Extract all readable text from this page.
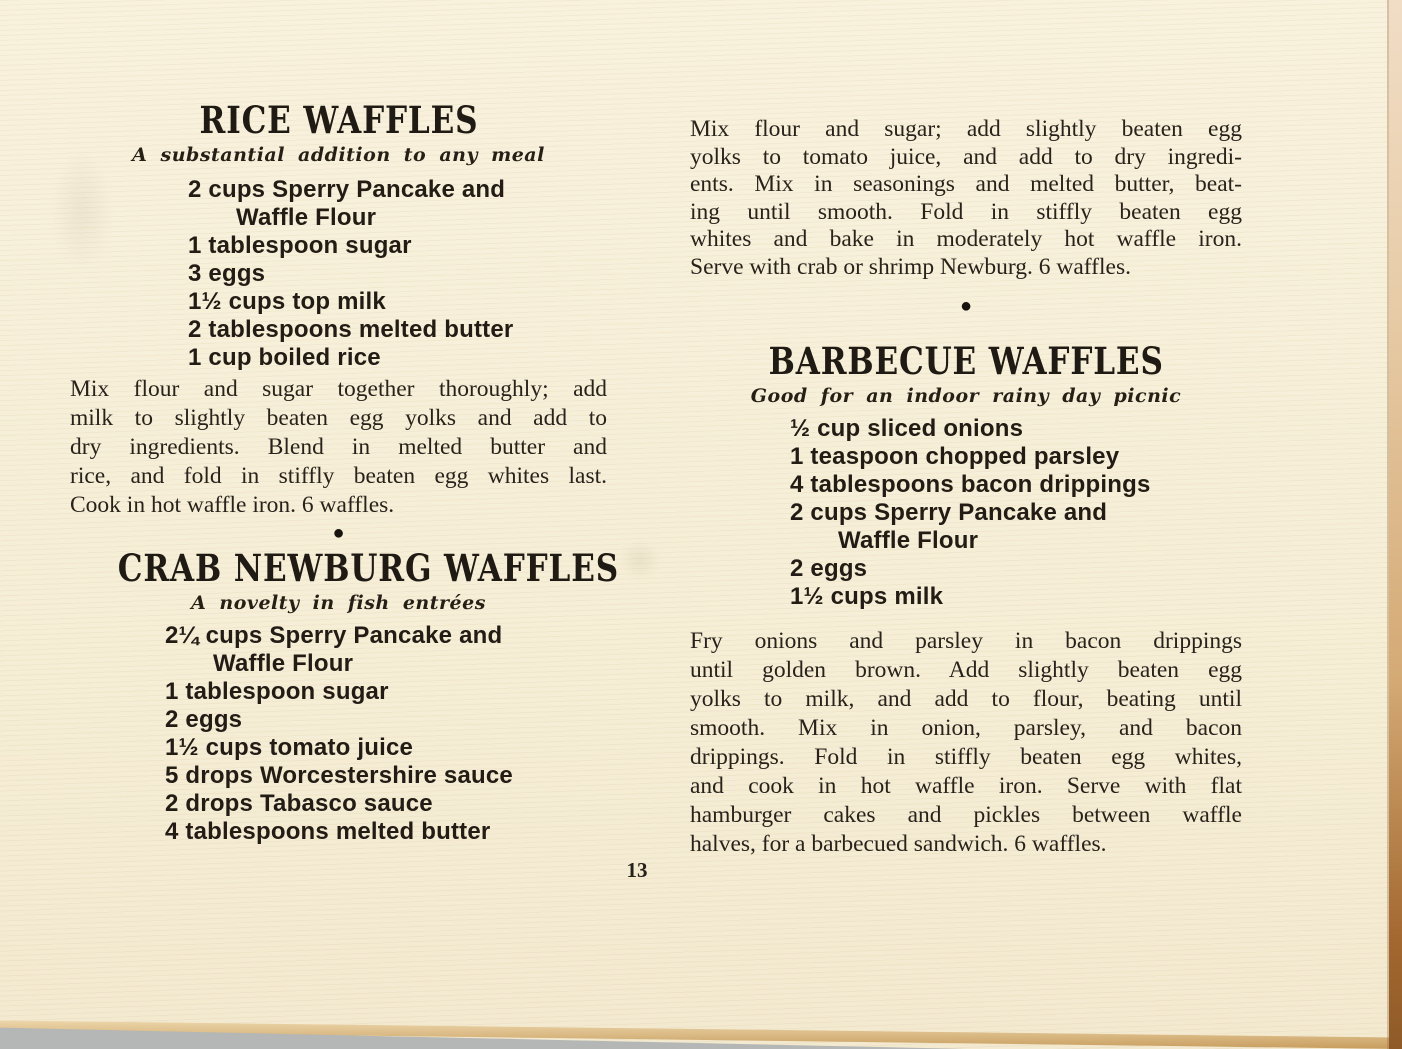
RICE WAFFLES
A substantial addition to any meal
2 cups Sperry Pancake and
Waffle Flour
1 tablespoon sugar
3 eggs
1½ cups top milk
2 tablespoons melted butter
1 cup boiled rice
Mix flour and sugar together thoroughly; add
milk to slightly beaten egg yolks and add to
dry ingredients. Blend in melted butter and
rice, and fold in stiffly beaten egg whites last.
Cook in hot waffle iron. 6 waffles.
●
CRAB NEWBURG WAFFLES
A novelty in fish entrées
2¼ cups Sperry Pancake and
Waffle Flour
1 tablespoon sugar
2 eggs
1½ cups tomato juice
5 drops Worcestershire sauce
2 drops Tabasco sauce
4 tablespoons melted butter
Mix flour and sugar; add slightly beaten egg
yolks to tomato juice, and add to dry ingredi-
ents. Mix in seasonings and melted butter, beat-
ing until smooth. Fold in stiffly beaten egg
whites and bake in moderately hot waffle iron.
Serve with crab or shrimp Newburg. 6 waffles.
●
BARBECUE WAFFLES
Good for an indoor rainy day picnic
½ cup sliced onions
1 teaspoon chopped parsley
4 tablespoons bacon drippings
2 cups Sperry Pancake and
Waffle Flour
2 eggs
1½ cups milk
Fry onions and parsley in bacon drippings
until golden brown. Add slightly beaten egg
yolks to milk, and add to flour, beating until
smooth. Mix in onion, parsley, and bacon
drippings. Fold in stiffly beaten egg whites,
and cook in hot waffle iron. Serve with flat
hamburger cakes and pickles between waffle
halves, for a barbecued sandwich. 6 waffles.
13
